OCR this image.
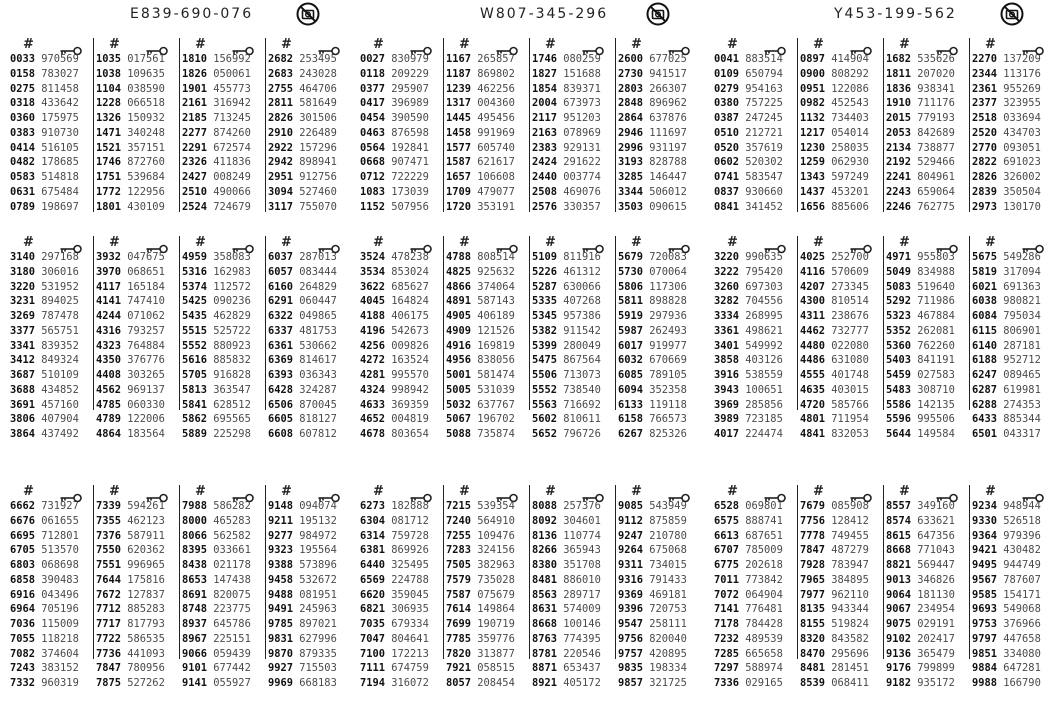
E839-690-076
#
0033 970569
0158 783027
0275 811458
0318 433642
0360 175975
0383 910730
0414 516105
0482 178685
0583 514818
0631 675484
0789 198697
#
1035 017561
1038 109635
1104 038590
1228 066518
1326 150932
1471 340248
1521 357151
1746 872760
1751 539684
1772 122956
1801 430109
#
1810 156992
1826 050061
1901 455773
2161 316942
2185 713245
2277 874260
2291 672574
2326 411836
2427 008249
2510 490066
2524 724679
#
2682 253495
2683 243028
2755 464706
2811 581649
2826 301506
2910 226489
2922 157296
2942 898941
2951 912756
3094 527460
3117 755070
#
3140 297168
3180 306016
3220 531952
3231 894025
3269 787478
3377 565751
3341 839352
3412 849324
3687 510109
3688 434852
3691 457160
3806 407904
3864 437492
#
3932 047675
3970 068651
4117 165184
4141 747410
4244 071062
4316 793257
4323 764884
4350 376776
4408 303265
4562 969137
4785 060330
4789 122006
4864 183564
#
4959 358083
5316 162983
5374 112572
5425 090236
5435 462829
5515 525722
5552 880923
5616 885832
5705 916828
5813 363547
5841 628512
5862 695565
5889 225298
#
6037 287013
6057 083444
6160 264829
6291 060447
6322 049865
6337 481753
6361 530662
6369 814617
6393 036343
6428 324287
6506 870045
6605 818127
6608 607812
#
6662 731927
6676 061655
6695 712801
6705 513570
6803 068698
6858 390483
6916 043496
6964 705196
7036 115009
7055 118218
7082 374604
7243 383152
7332 960319
#
7339 594261
7355 462123
7376 587911
7550 620362
7551 996965
7644 175816
7672 127837
7712 885283
7717 817793
7722 586535
7736 441093
7847 780956
7875 527262
#
7988 586282
8000 465283
8066 562582
8395 033661
8438 021178
8653 147438
8691 820075
8748 223775
8937 645786
8967 225151
9066 059439
9101 677442
9141 055927
#
9148 094074
9211 195132
9277 984972
9323 195564
9388 573896
9458 532672
9488 081951
9491 245963
9785 897021
9831 627996
9870 879335
9927 715503
9969 668183
W807-345-296
#
0027 830979
0118 209229
0377 295907
0417 396989
0454 390590
0463 876598
0564 192841
0668 907471
0712 722229
1083 173039
1152 507956
#
1167 265857
1187 869802
1239 462256
1317 004360
1445 495456
1458 991969
1577 605740
1587 621617
1657 106608
1709 479077
1720 353191
#
1746 080259
1827 151688
1854 839371
2004 673973
2117 951203
2163 078969
2383 929131
2424 291622
2440 003774
2508 469076
2576 330357
#
2600 677025
2730 941517
2803 266307
2848 896962
2864 637876
2946 111697
2996 931197
3193 828788
3285 146447
3344 506012
3503 090615
#
3524 478238
3534 853024
3622 685627
4045 164824
4188 406175
4196 542673
4256 009826
4272 163524
4281 995570
4324 998942
4633 369359
4652 004819
4678 803654
#
4788 808514
4825 925632
4866 374064
4891 587143
4905 406189
4909 121526
4916 169819
4956 838056
5001 581474
5005 531039
5032 637767
5067 196702
5088 735874
#
5109 811916
5226 461312
5287 630066
5335 407268
5345 957386
5382 911542
5399 280049
5475 867564
5506 713073
5552 738540
5563 716692
5602 810611
5652 796726
#
5679 720083
5730 070064
5806 117306
5811 898828
5919 297936
5987 262493
6017 919977
6032 670669
6085 789105
6094 352358
6133 119118
6158 766573
6267 825326
#
6273 182888
6304 081712
6314 759728
6381 869926
6440 325495
6569 224788
6620 359045
6821 306935
7035 679334
7047 804641
7100 172213
7111 674759
7194 316072
#
7215 539354
7240 564910
7255 109476
7283 324156
7505 382963
7579 735028
7587 075679
7614 149864
7699 190719
7785 359776
7820 313877
7921 058515
8057 208454
#
8088 257376
8092 304601
8136 110774
8266 365943
8380 351708
8481 886010
8563 289717
8631 574009
8668 100146
8763 774395
8781 220546
8871 653437
8921 405172
#
9085 543949
9112 875859
9247 210780
9264 675068
9311 734015
9316 791433
9369 469181
9396 720753
9547 258111
9756 820040
9757 420895
9835 198334
9857 321725
Y453-199-562
#
0041 883514
0109 650794
0279 954163
0380 757225
0387 247245
0510 212721
0520 357619
0602 520302
0741 583547
0837 930660
0841 341452
#
0897 414904
0900 808292
0951 122086
0982 452543
1132 734403
1217 054014
1230 258035
1259 062930
1343 597249
1437 453201
1656 885606
#
1682 535626
1811 207020
1836 938341
1910 711176
2015 779193
2053 842689
2134 738877
2192 529466
2241 804961
2243 659064
2246 762775
#
2270 137209
2344 113176
2361 955269
2377 323955
2518 033694
2520 434703
2770 093051
2822 691023
2826 326002
2839 350504
2973 130170
#
3220 990635
3222 795420
3260 697303
3282 704556
3334 268995
3361 498621
3401 549992
3858 403126
3916 538559
3943 100651
3969 285856
3989 723185
4017 224474
#
4025 252700
4116 570609
4207 273345
4300 810514
4311 238676
4462 732777
4480 022080
4486 631080
4555 401748
4635 403015
4720 585766
4801 711954
4841 832053
#
4971 955803
5049 834988
5083 519640
5292 711986
5323 467884
5352 262081
5360 762260
5403 841191
5459 027583
5483 308710
5586 142135
5596 995506
5644 149584
#
5675 549286
5819 317094
6021 691363
6038 980821
6084 795034
6115 806901
6140 287181
6188 952712
6247 089465
6287 619981
6288 274353
6433 885344
6501 043317
#
6528 069801
6575 888741
6613 687651
6707 785009
6775 202618
7011 773842
7072 064904
7141 776481
7178 784428
7232 489539
7285 665658
7297 588974
7336 029165
#
7679 085908
7756 128412
7778 749455
7847 487279
7928 783947
7965 384895
7977 962110
8135 943344
8155 519824
8320 843582
8470 295696
8481 281451
8539 068411
#
8557 349160
8574 633621
8615 647356
8668 771043
8821 569447
9013 346826
9064 181130
9067 234954
9075 029191
9102 202417
9136 365479
9176 799899
9182 935172
#
9234 948944
9330 526518
9364 979396
9421 430482
9495 944749
9567 787607
9585 154171
9693 549068
9753 376966
9797 447658
9851 334080
9884 647281
9988 166790
